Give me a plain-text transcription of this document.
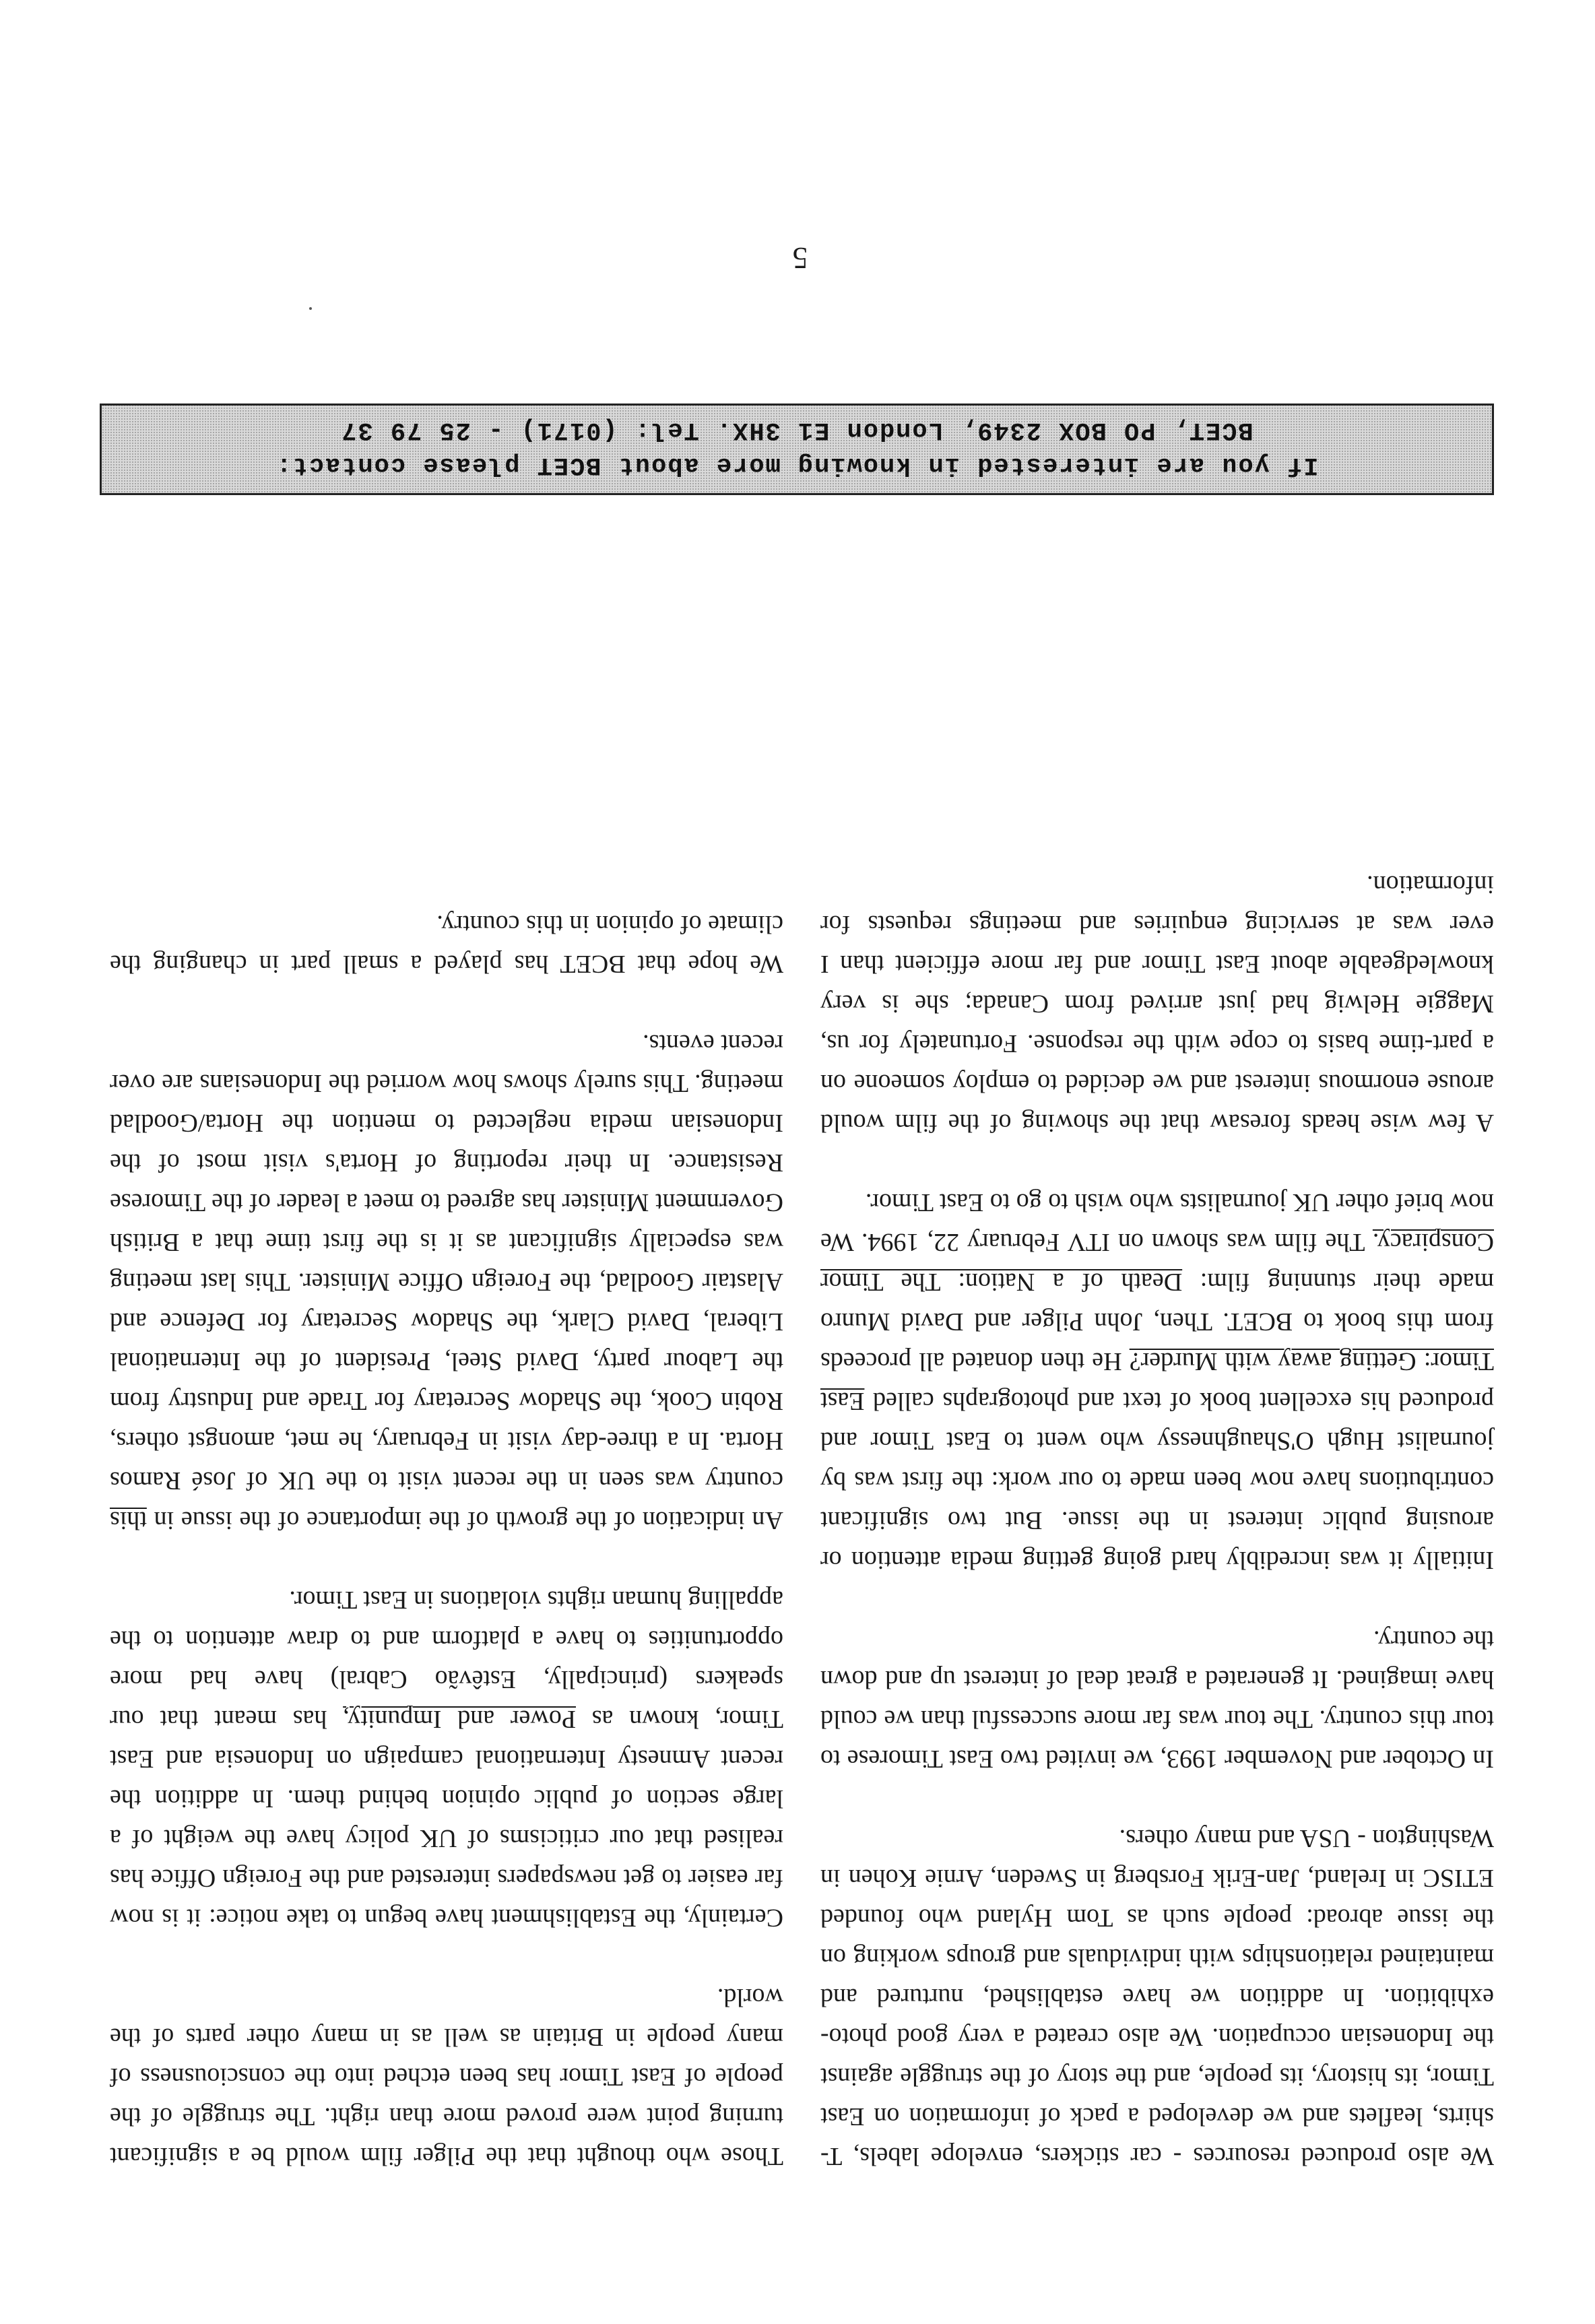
We also produced resources - car stickers, envelope labels, T-shirts, leaflets and we developed a pack of information on East Timor, its history, its people, and the story of the struggle against the Indonesian occupation. We also created a very good photo-exhibition. In addition we have established, nurtured and maintained relationships with individuals and groups working on the issue abroad: people such as Tom Hyland who founded ETISC in Ireland, Jan-Erik Forsberg in Sweden, Arnie Kohen in Washington - USA and many others.

In October and November 1993, we invited two East Timorese to tour this country. The tour was far more successful than we could have imagined. It generated a great deal of interest up and down the country.

Initially it was incredibly hard going getting media attention or arousing public interest in the issue. But two significant contributions have now been made to our work: the first was by journalist Hugh O'Shaughnessy who went to East Timor and produced his excellent book of text and photographs called East Timor: Getting away with Murder? He then donated all proceeds from this book to BCET. Then, John Pilger and David Munro made their stunning film: Death of a Nation: The Timor Conspiracy. The film was shown on ITV February 22, 1994. We now brief other UK journalists who wish to go to East Timor.

A few wise heads foresaw that the showing of the film would arouse enormous interest and we decided to employ someone on a part-time basis to cope with the response. Fortunately for us, Maggie Helwig had just arrived from Canada; she is very knowledgeable about East Timor and far more efficient than I ever was at servicing enquiries and meetings requests for information.

Those who thought that the Pilger film would be a significant turning point were proved more than right. The struggle of the people of East Timor has been etched into the consciousness of many people in Britain as well as in many other parts of the world.

Certainly, the Establishment have begun to take notice: it is now far easier to get newspapers interested and the Foreign Office has realised that our criticisms of UK policy have the weight of a large section of public opinion behind them. In addition the recent Amnesty International campaign on Indonesia and East Timor, known as Power and Impunity, has meant that our speakers (principally, Estêvão Cabral) have had more opportunities to have a platform and to draw attention to the appalling human rights violations in East Timor.

An indication of the growth of the importance of the issue in this country was seen in the recent visit to the UK of José Ramos Horta. In a three-day visit in February, he met, amongst others, Robin Cook, the Shadow Secretary for Trade and Industry from the Labour party, David Steel, President of the International Liberal, David Clark, the Shadow Secretary for Defence and Alastair Goodlad, the Foreign Office Minister. This last meeting was especially significant as it is the first time that a British Government Minister has agreed to meet a leader of the Timorese Resistance. In their reporting of Horta's visit most of the Indonesian media neglected to mention the Horta/Goodlad meeting. This surely shows how worried the Indonesians are over recent events.

We hope that BCET has played a small part in changing the climate of opinion in this country.

If you are interested in knowing more about BCET please contact:
BCET, PO BOX 2349, London E1 3HX. Tel: (0171) - 25 79 37
5
